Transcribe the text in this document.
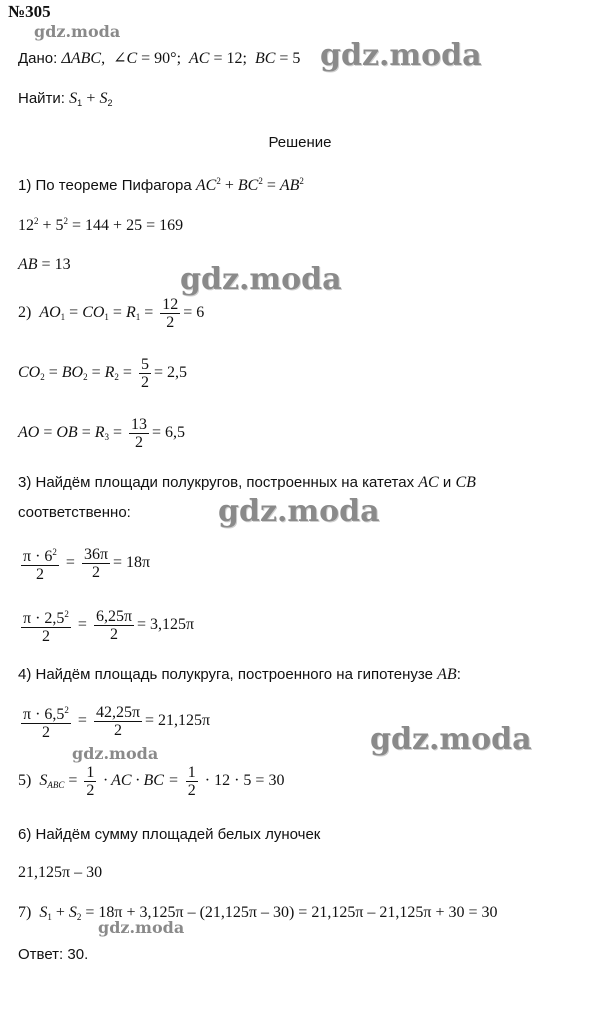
№305
gdz.moda
gdz.moda
gdz.moda
gdz.moda
gdz.moda
gdz.moda
gdz.moda
Дано: ΔABC,  ∠C = 90°;  AC = 12; BC = 5
Найти: $S_1 + S_2$
Решение
1) По теореме Пифагора $AC^2 + BC^2 = AB^2$
$12^2 + 5^2 = 144 + 25 = 169$
AB = 13
2) $AO_1 = CO_1 = R_1 = \frac{12}{2} = 6$
$CO_2 = BO_2 = R_2 = \frac{5}{2} = 2,5$
AO = OB = $R_3 = \frac{13}{2} = 6,5$
3) Найдём площади полукругов, построенных на катетах AC и CB
соответственно:
$\frac{\pi \cdot 6^2}{2} = \frac{36\pi}{2} = 18\pi$
$\frac{\pi \cdot 2,5^2}{2} = \frac{6,25\pi}{2} = 3,125\pi$
4) Найдём площадь полукруга, построенного на гипотенузе AB:
$\frac{\pi \cdot 6,5^2}{2} = \frac{42,25\pi}{2} = 21,125\pi$
5) $S_{ABC} = \frac{1}{2}$ · AC · BC = $\frac{1}{2} \cdot 12 \cdot 5 = 30$
6) Найдём сумму площадей белых луночек
21,125π – 30
7) $S_1 + S_2 = 18\pi + 3,125\pi - (21,125\pi - 30) = 21,125\pi - 21,125\pi + 30 = 30$
Ответ: 30.
